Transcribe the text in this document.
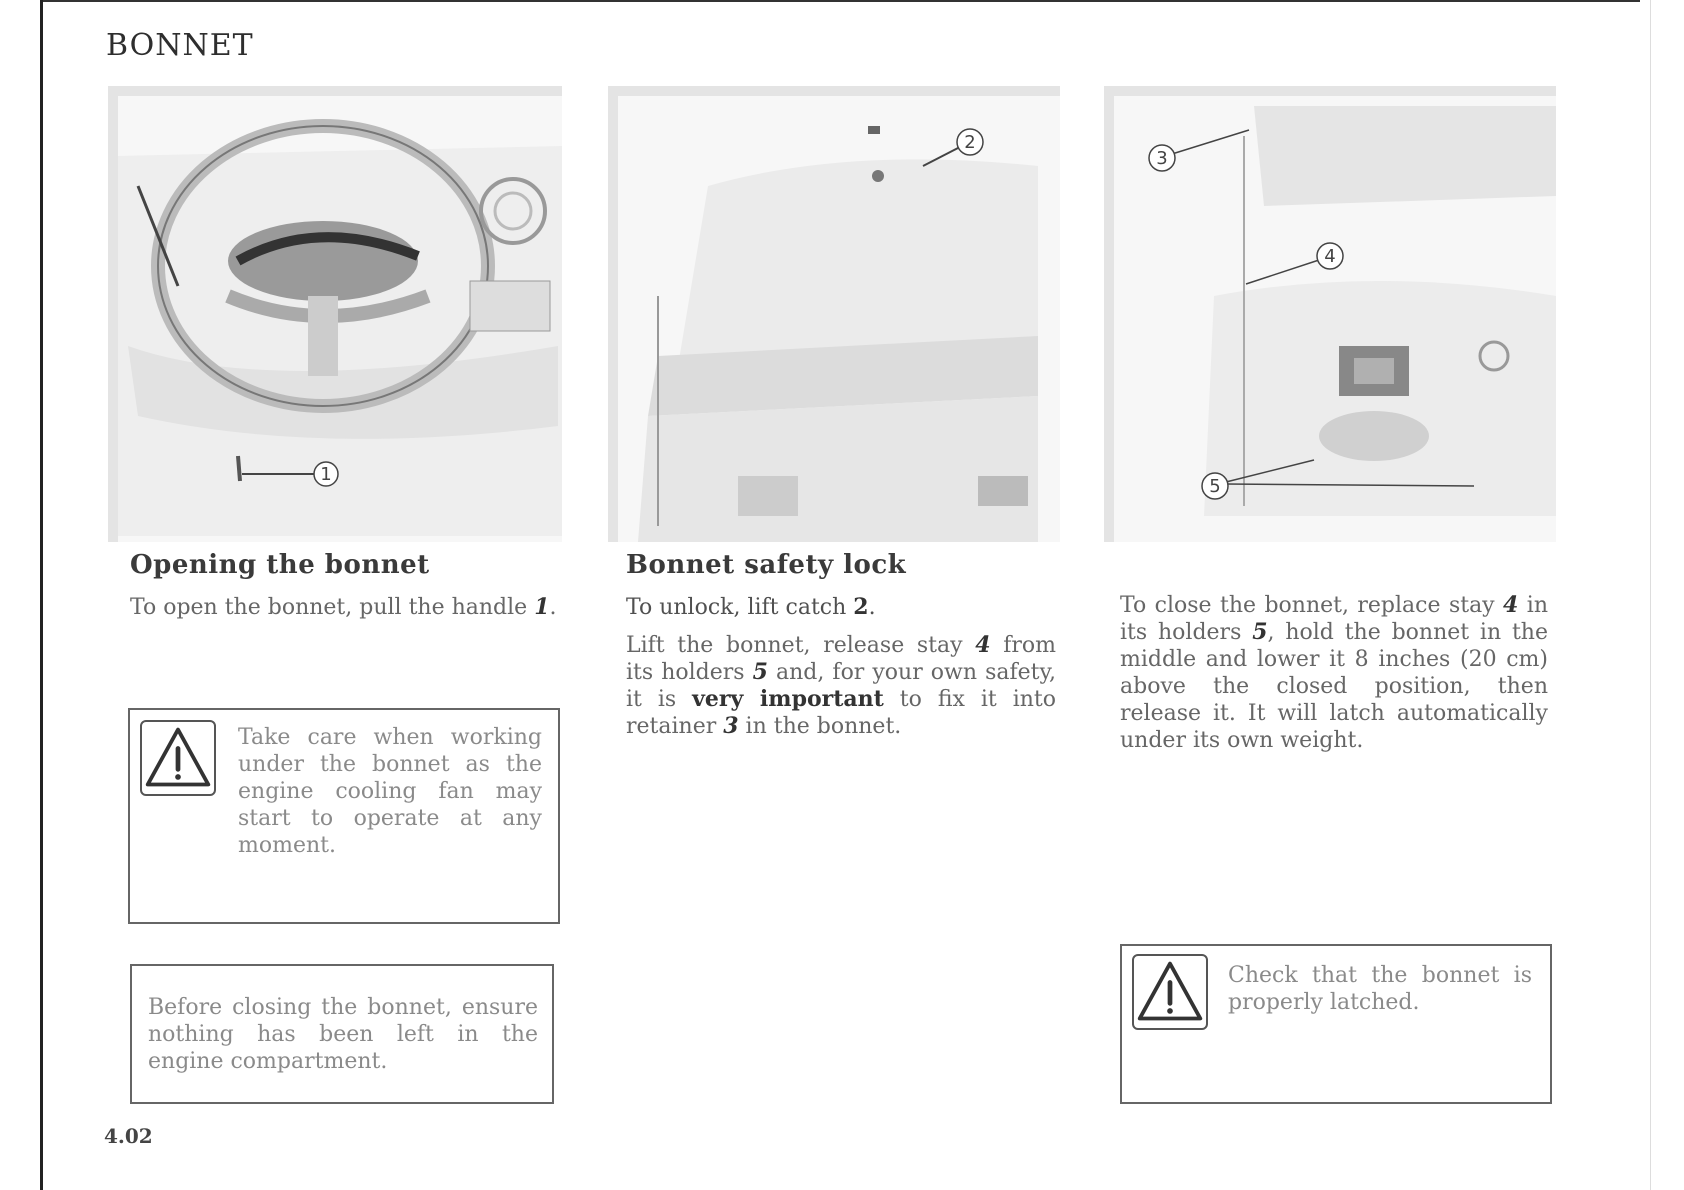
BONNET
1
2
3
4
5
Opening the bonnet

To open the bonnet, pull the handle 1.

Take care when working under the bonnet as the engine cooling fan may start to operate at any moment.

Before closing the bonnet, ensure nothing has been left in the engine compartment.

Bonnet safety lock

To unlock, lift catch 2.

Lift the bonnet, release stay 4 from its holders 5 and, for your own safety, it is very important to fix it into retainer 3 in the bonnet.

To close the bonnet, replace stay 4 in its holders 5, hold the bonnet in the middle and lower it 8 inches (20 cm) above the closed position, then release it. It will latch automatically under its own weight.

Check that the bonnet is properly latched.

4.02
